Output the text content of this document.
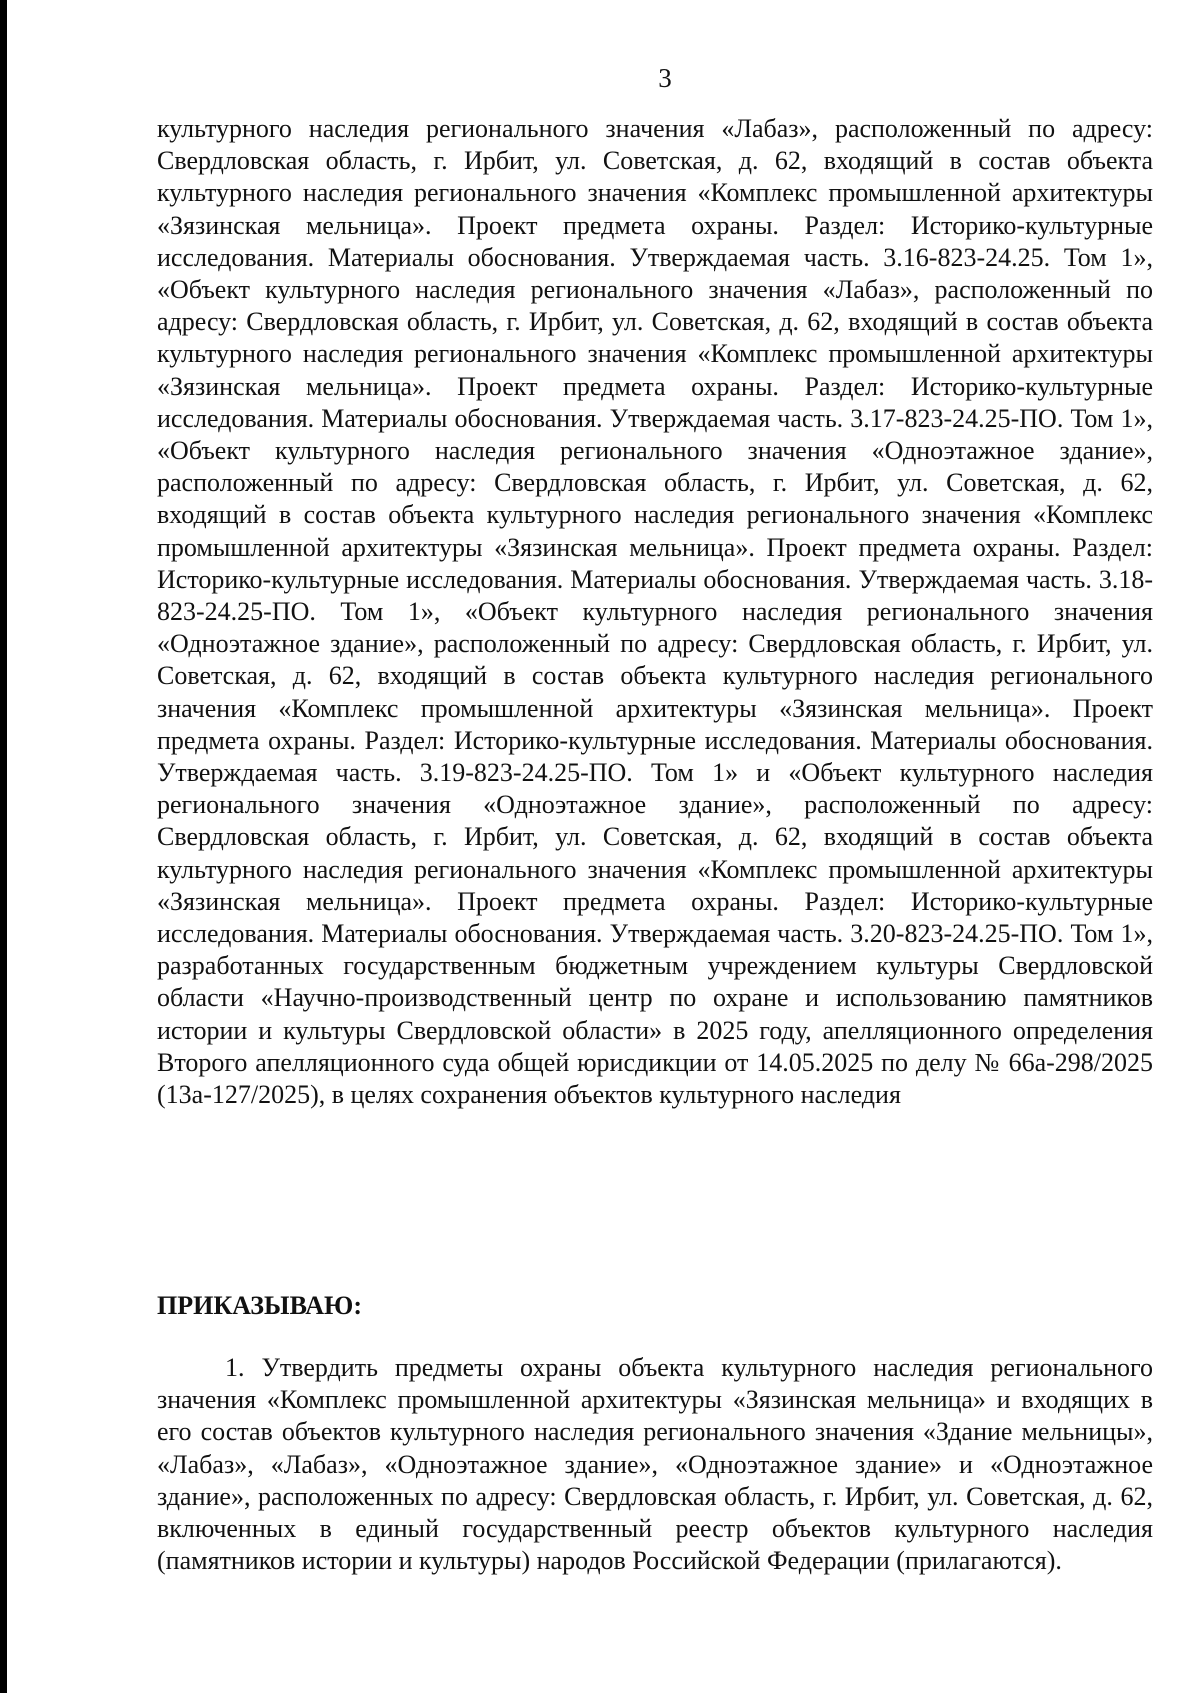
3

культурного наследия регионального значения «Лабаз», расположенный по адресу: Свердловская область, г. Ирбит, ул. Советская, д. 62, входящий в состав объекта культурного наследия регионального значения «Комплекс промышленной архитектуры «Зязинская мельница». Проект предмета охраны. Раздел: Историко-культурные исследования. Материалы обоснования. Утверждаемая часть. 3.16-823-24.25. Том 1», «Объект культурного наследия регионального значения «Лабаз», расположенный по адресу: Свердловская область, г. Ирбит, ул. Советская, д. 62, входящий в состав объекта культурного наследия регионального значения «Комплекс промышленной архитектуры «Зязинская мельница». Проект предмета охраны. Раздел: Историко-культурные исследования. Материалы обоснования. Утверждаемая часть. 3.17-823-24.25-ПО. Том 1», «Объект культурного наследия регионального значения «Одноэтажное здание», расположенный по адресу: Свердловская область, г. Ирбит, ул. Советская, д. 62, входящий в состав объекта культурного наследия регионального значения «Комплекс промышленной архитектуры «Зязинская мельница». Проект предмета охраны. Раздел: Историко-культурные исследования. Материалы обоснования. Утверждаемая часть. 3.18-823-24.25-ПО. Том 1», «Объект культурного наследия регионального значения «Одноэтажное здание», расположенный по адресу: Свердловская область, г. Ирбит, ул. Советская, д. 62, входящий в состав объекта культурного наследия регионального значения «Комплекс промышленной архитектуры «Зязинская мельница». Проект предмета охраны. Раздел: Историко-культурные исследования. Материалы обоснования. Утверждаемая часть. 3.19-823-24.25-ПО. Том 1» и «Объект культурного наследия регионального значения «Одноэтажное здание», расположенный по адресу: Свердловская область, г. Ирбит, ул. Советская, д. 62, входящий в состав объекта культурного наследия регионального значения «Комплекс промышленной архитектуры «Зязинская мельница». Проект предмета охраны. Раздел: Историко-культурные исследования. Материалы обоснования. Утверждаемая часть. 3.20-823-24.25-ПО. Том 1», разработанных государственным бюджетным учреждением культуры Свердловской области «Научно-производственный центр по охране и использованию памятников истории и культуры Свердловской области» в 2025 году, апелляционного определения Второго апелляционного суда общей юрисдикции от 14.05.2025 по делу № 66а-298/2025 (13а-127/2025), в целях сохранения объектов культурного наследия

ПРИКАЗЫВАЮ:

1. Утвердить предметы охраны объекта культурного наследия регионального значения «Комплекс промышленной архитектуры «Зязинская мельница» и входящих в его состав объектов культурного наследия регионального значения «Здание мельницы», «Лабаз», «Лабаз», «Одноэтажное здание», «Одноэтажное здание» и «Одноэтажное здание», расположенных по адресу: Свердловская область, г. Ирбит, ул. Советская, д. 62, включенных в единый государственный реестр объектов культурного наследия (памятников истории и культуры) народов Российской Федерации (прилагаются).
